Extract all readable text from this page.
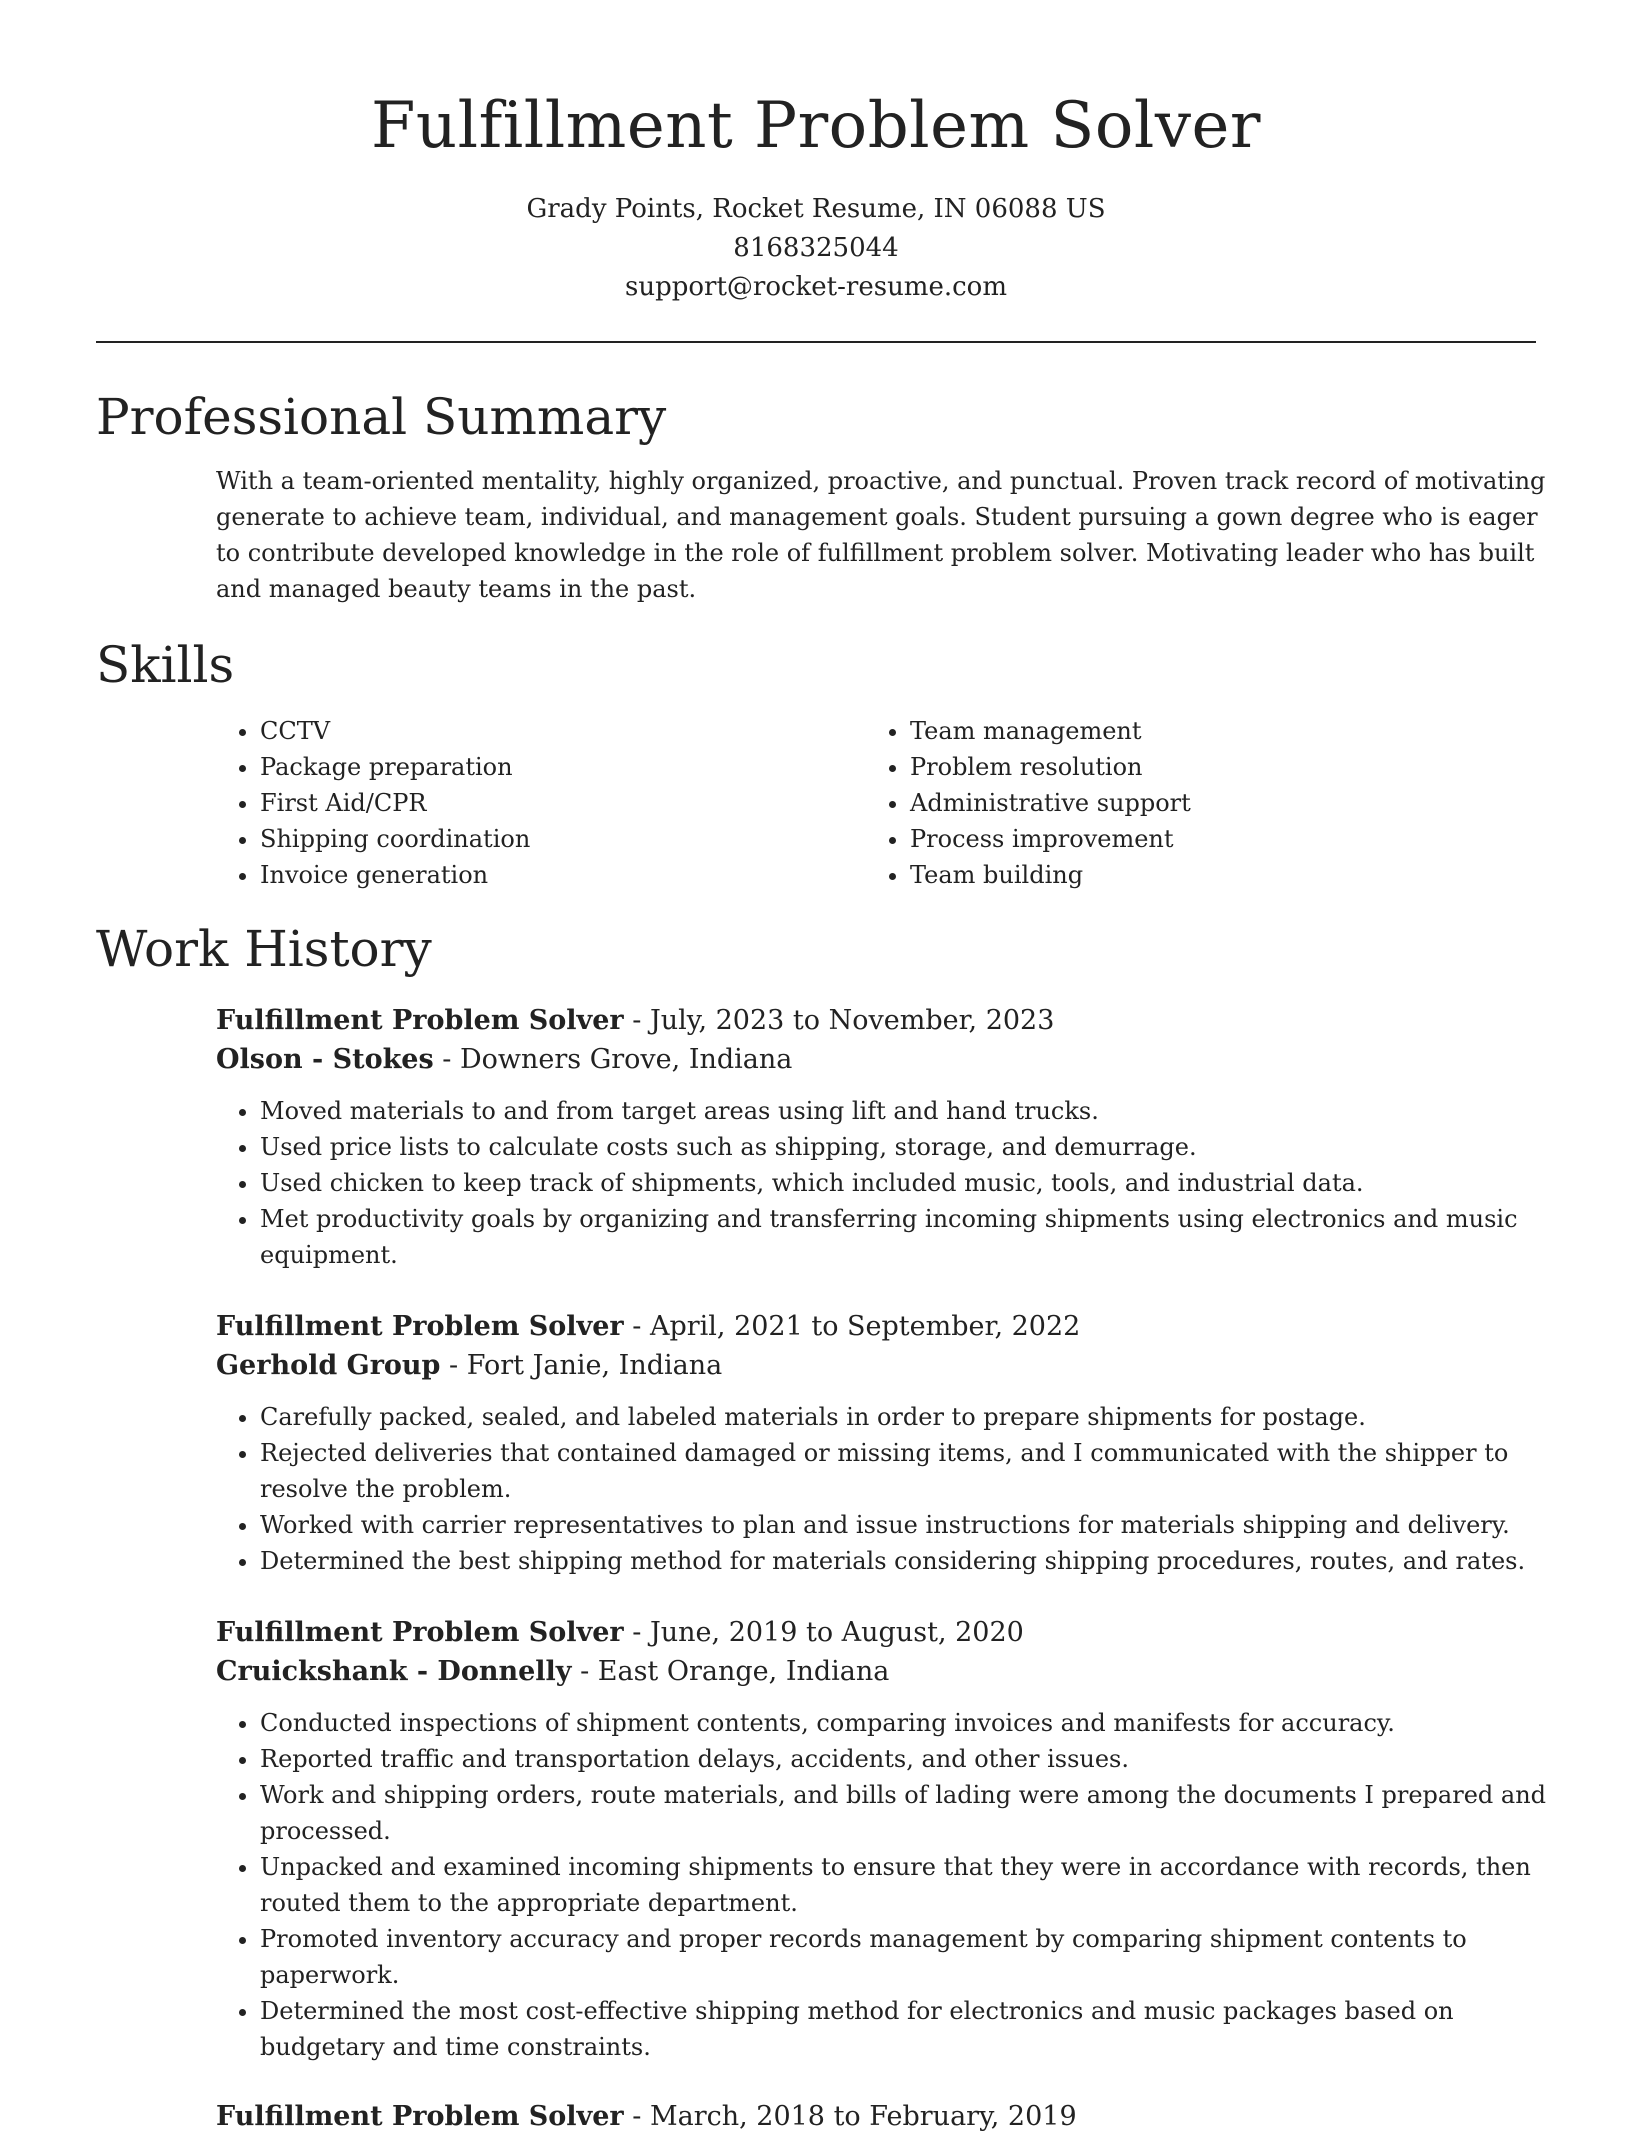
Fulfillment Problem Solver
Grady Points, Rocket Resume, IN 06088 US
8168325044
support@rocket-resume.com
Professional Summary

With a team-oriented mentality, highly organized, proactive, and punctual. Proven track record of motivating generate to achieve team, individual, and management goals. Student pursuing a gown degree who is eager to contribute developed knowledge in the role of fulfillment problem solver. Motivating leader who has built and managed beauty teams in the past.

Skills
• CCTV
• Package preparation
• First Aid/CPR
• Shipping coordination
• Invoice generation
• Team management
• Problem resolution
• Administrative support
• Process improvement
• Team building
Work History
Fulfillment Problem Solver - July, 2023 to November, 2023
Olson - Stokes - Downers Grove, Indiana
• Moved materials to and from target areas using lift and hand trucks.
• Used price lists to calculate costs such as shipping, storage, and demurrage.
• Used chicken to keep track of shipments, which included music, tools, and industrial data.
• Met productivity goals by organizing and transferring incoming shipments using electronics and music equipment.
Fulfillment Problem Solver - April, 2021 to September, 2022
Gerhold Group - Fort Janie, Indiana
• Carefully packed, sealed, and labeled materials in order to prepare shipments for postage.
• Rejected deliveries that contained damaged or missing items, and I communicated with the shipper to resolve the problem.
• Worked with carrier representatives to plan and issue instructions for materials shipping and delivery.
• Determined the best shipping method for materials considering shipping procedures, routes, and rates.
Fulfillment Problem Solver - June, 2019 to August, 2020
Cruickshank - Donnelly - East Orange, Indiana
• Conducted inspections of shipment contents, comparing invoices and manifests for accuracy.
• Reported traffic and transportation delays, accidents, and other issues.
• Work and shipping orders, route materials, and bills of lading were among the documents I prepared and processed.
• Unpacked and examined incoming shipments to ensure that they were in accordance with records, then routed them to the appropriate department.
• Promoted inventory accuracy and proper records management by comparing shipment contents to paperwork.
• Determined the most cost-effective shipping method for electronics and music packages based on budgetary and time constraints.
Fulfillment Problem Solver - March, 2018 to February, 2019
